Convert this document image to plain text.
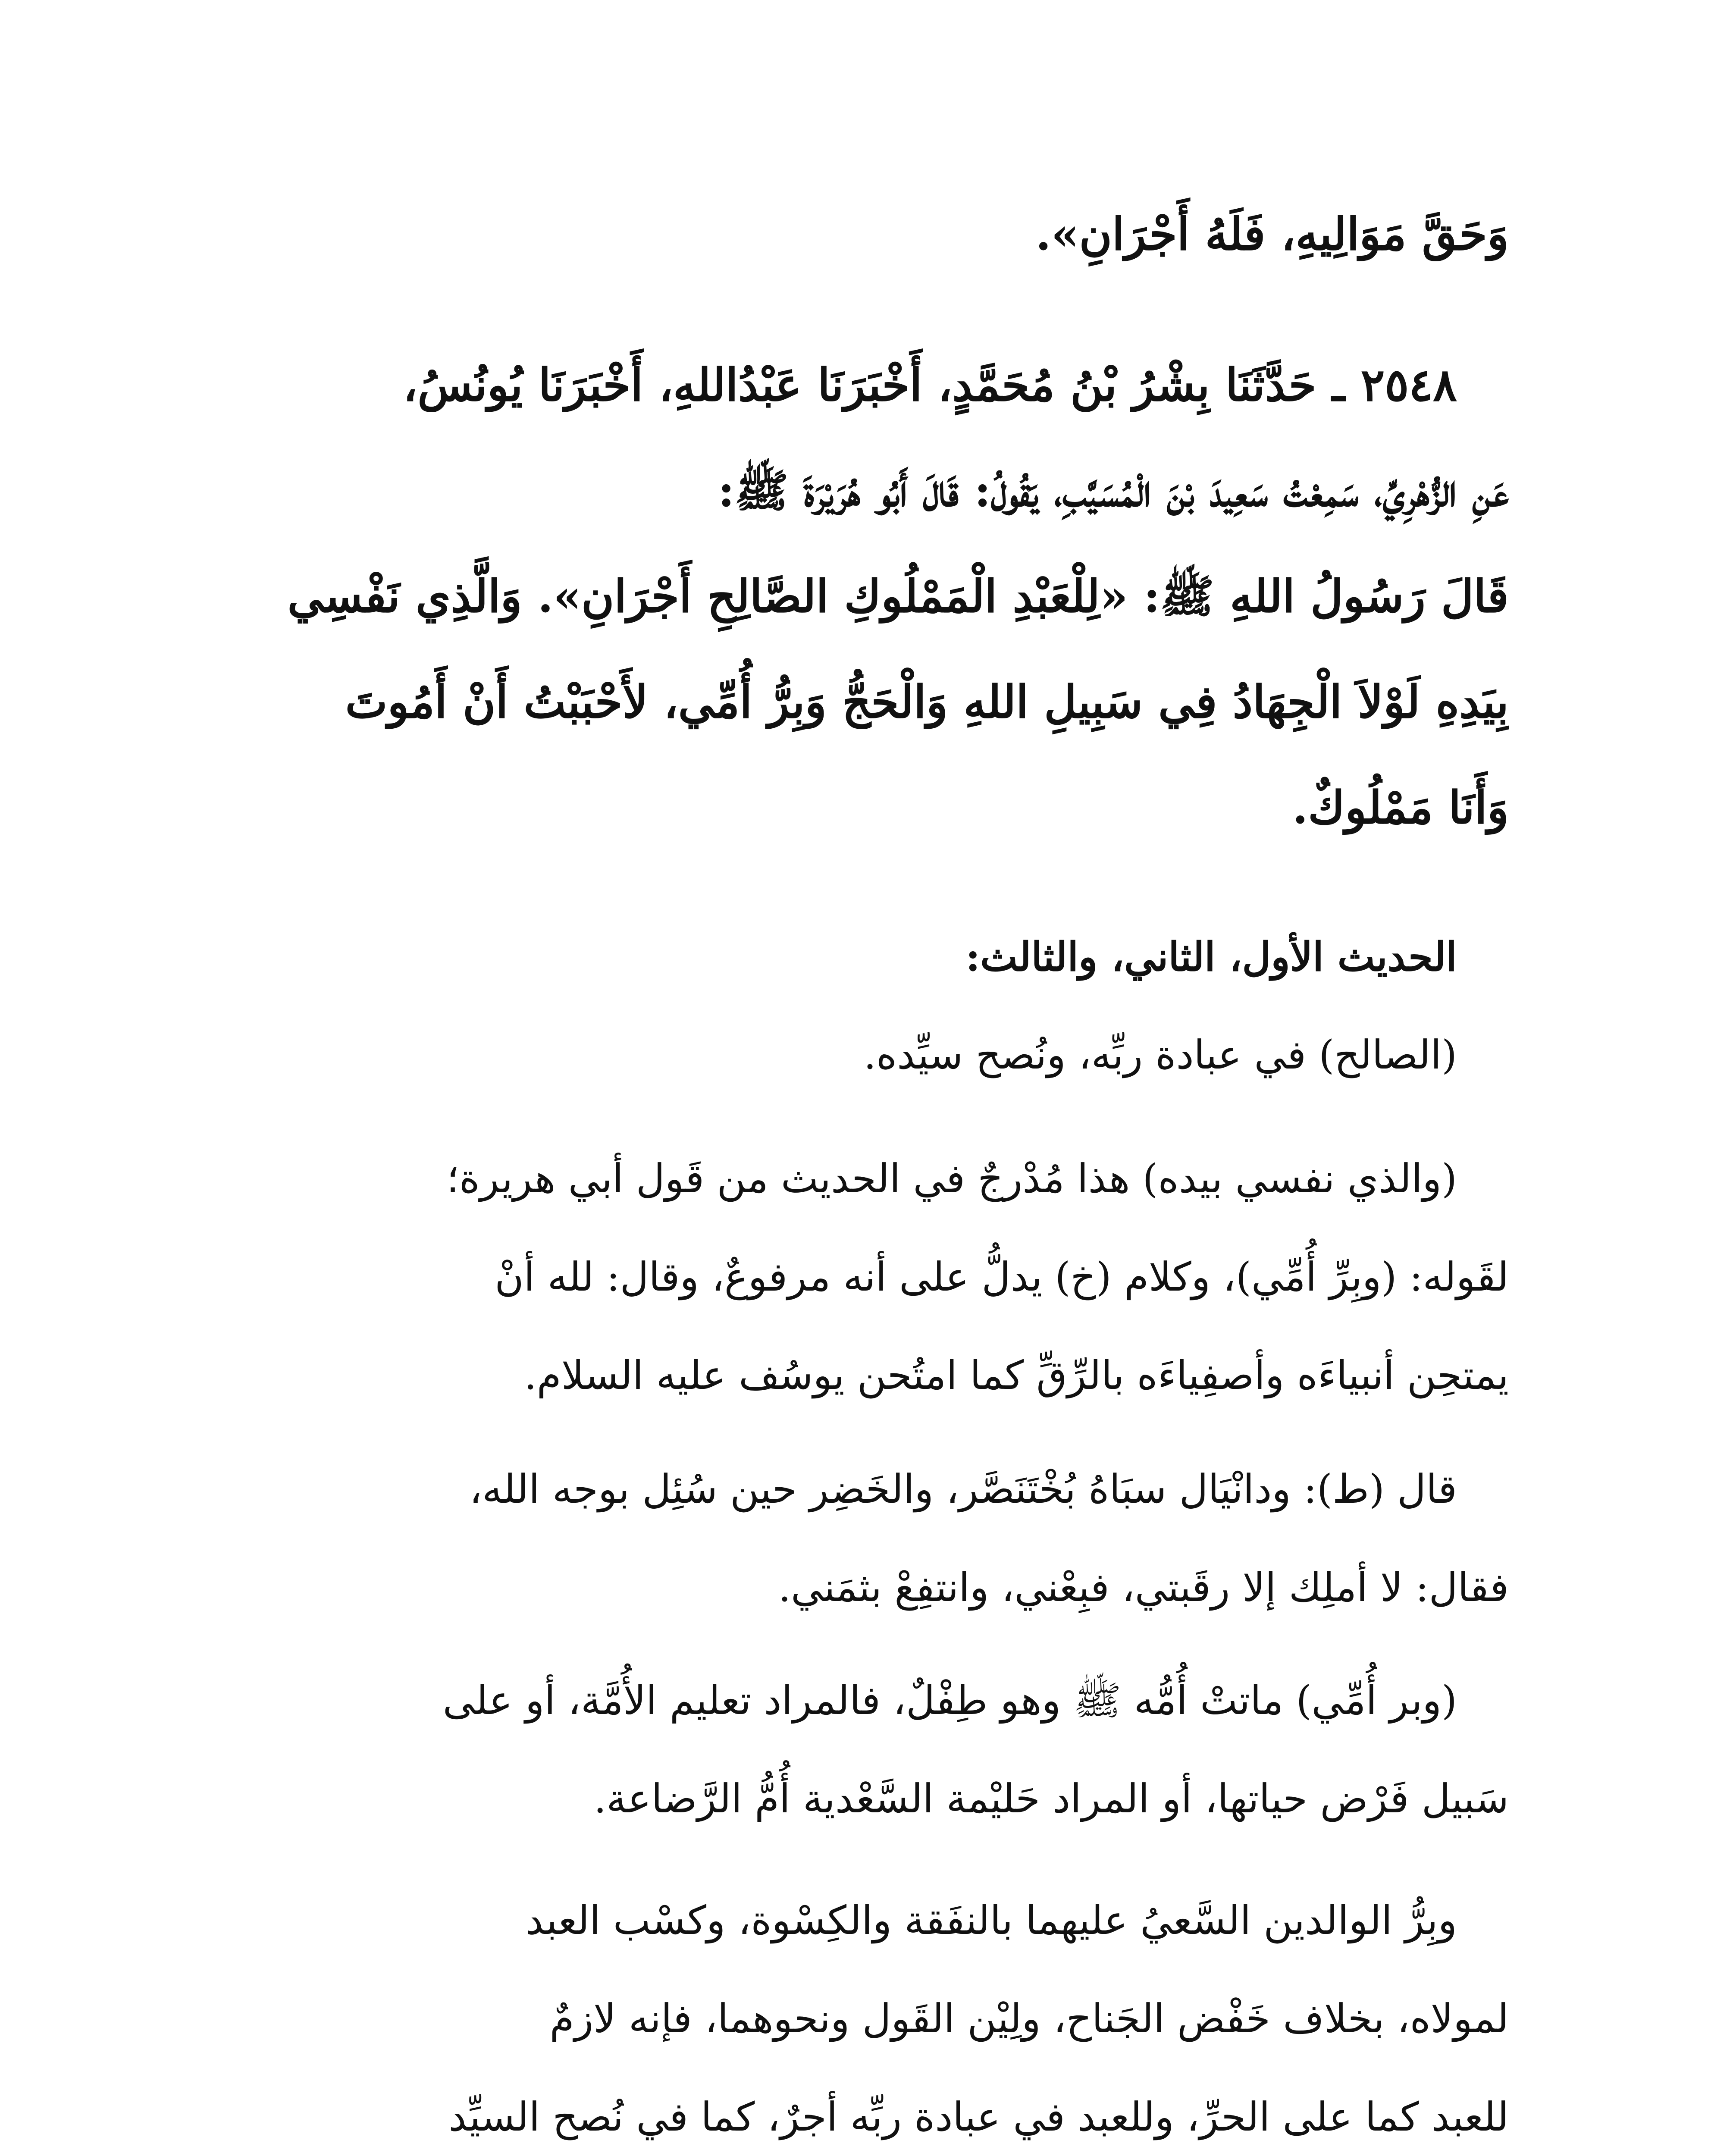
وَحَقَّ مَوَالِيهِ، فَلَهُ أَجْرَانِ».
٢٥٤٨ ـ حَدَّثَنَا بِشْرُ بْنُ مُحَمَّدٍ، أَخْبَرَنَا عَبْدُاللهِ، أَخْبَرَنَا يُونُسُ،
عَنِ الزُّهْرِيِّ، سَمِعْتُ سَعِيدَ بْنَ الْمُسَيَّبِ، يَقُولُ: قَالَ أَبُو هُرَيْرَةَ ﷺ:
قَالَ رَسُولُ اللهِ ﷺ: «لِلْعَبْدِ الْمَمْلُوكِ الصَّالِحِ أَجْرَانِ». وَالَّذِي نَفْسِي
بِيَدِهِ لَوْلاَ الْجِهَادُ فِي سَبِيلِ اللهِ وَالْحَجُّ وَبِرُّ أُمِّي، لأَحْبَبْتُ أَنْ أَمُوتَ
وَأَنَا مَمْلُوكٌ.
الحديث الأول، الثاني، والثالث:
(الصالح) في عبادة ربِّه، ونُصح سيِّده.
(والذي نفسي بيده) هذا مُدْرجٌ في الحديث من قَول أبي هريرة؛
لقَوله: (وبِرِّ أُمِّي)، وكلام (خ) يدلُّ على أنه مرفوعٌ، وقال: لله أنْ
يمتحِن أنبياءَه وأصفِياءَه بالرِّقِّ كما امتُحن يوسُف عليه السلام.
قال (ط): ودانْيَال سبَاهُ بُخْتَنَصَّر، والخَضِر حين سُئِل بوجه الله،
فقال: لا أملِك إلا رقَبتي، فبِعْني، وانتفِعْ بثمَني.
(وبر أُمِّي) ماتتْ أُمُّه ﷺ وهو طِفْلٌ، فالمراد تعليم الأُمَّة، أو على
سَبيل فَرْض حياتها، أو المراد حَليْمة السَّعْدية أُمُّ الرَّضاعة.
وبِرُّ الوالدين السَّعيُ عليهما بالنفَقة والكِسْوة، وكسْب العبد
لمولاه، بخلاف خَفْض الجَناح، ولِيْن القَول ونحوهما، فإنه لازمٌ
للعبد كما على الحرِّ، وللعبد في عبادة ربِّه أجرٌ، كما في نُصح السيِّد
